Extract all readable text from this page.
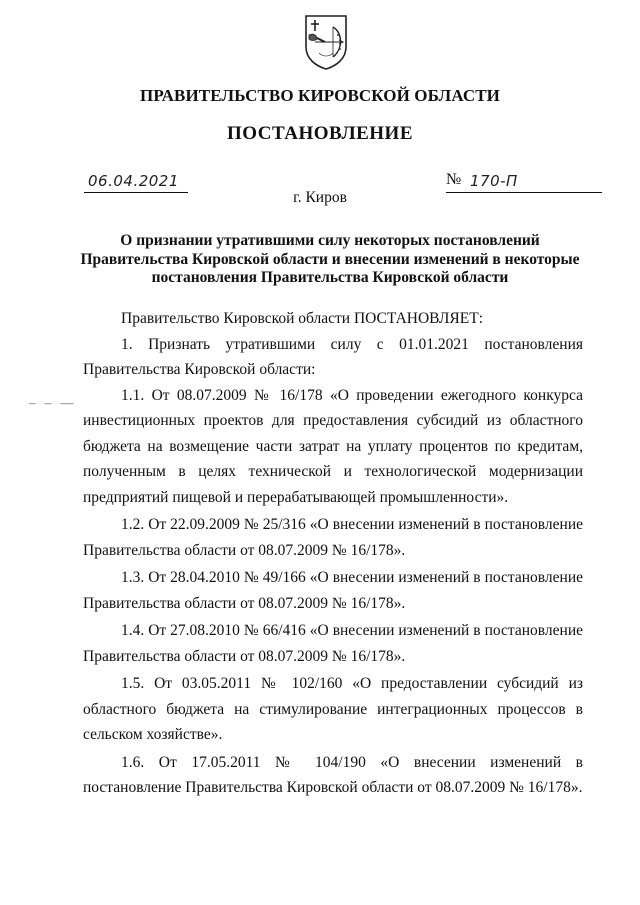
ПРАВИТЕЛЬСТВО КИРОВСКОЙ ОБЛАСТИ
ПОСТАНОВЛЕНИЕ
06.04.2021	№ 170-П
г. Киров
О признании утратившими силу некоторых постановлений
Правительства Кировской области и внесении изменений в некоторые
постановления Правительства Кировской области
– – —

Правительство Кировской области ПОСТАНОВЛЯЕТ:

1. Признать утратившими силу с 01.01.2021 постановления Правительства Кировской области:

1.1. От 08.07.2009 № 16/178 «О проведении ежегодного конкурса инвестиционных проектов для предоставления субсидий из областного бюджета на возмещение части затрат на уплату процентов по кредитам, полученным в целях технической и технологической модернизации предприятий пищевой и перерабатывающей промышленности».

1.2. От 22.09.2009 № 25/316 «О внесении изменений в постановление Правительства области от 08.07.2009 № 16/178».

1.3. От 28.04.2010 № 49/166 «О внесении изменений в постановление Правительства области от 08.07.2009 № 16/178».

1.4. От 27.08.2010 № 66/416 «О внесении изменений в постановление Правительства области от 08.07.2009 № 16/178».

1.5. От 03.05.2011 № 102/160 «О предоставлении субсидий из областного бюджета на стимулирование интеграционных процессов в сельском хозяйстве».

1.6. От 17.05.2011 № 104/190 «О внесении изменений в постановление Правительства Кировской области от 08.07.2009 № 16/178».
